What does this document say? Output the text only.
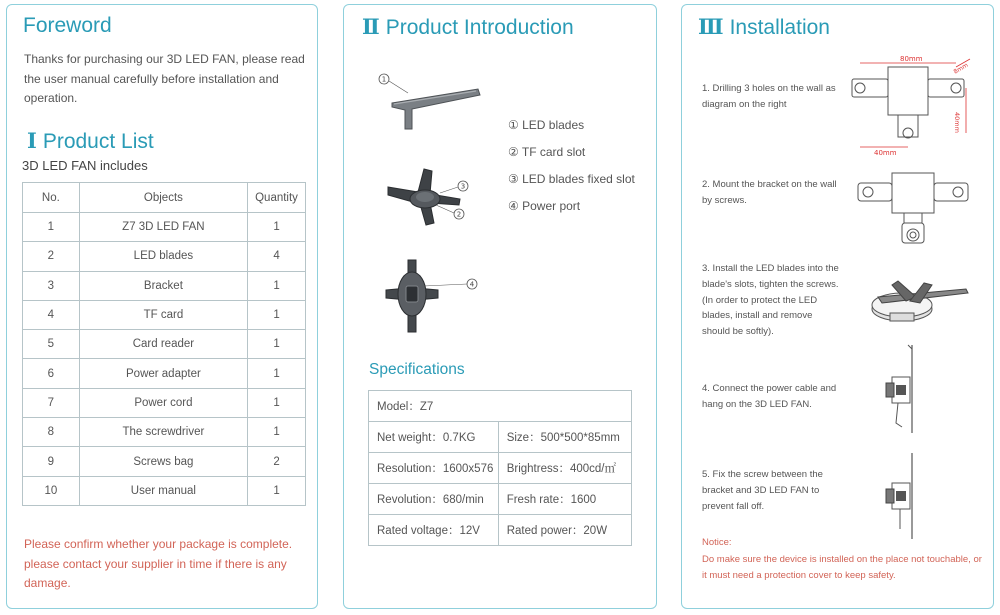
Foreword
Thanks for purchasing our 3D LED FAN, please read the user manual carefully before installation and operation.
Ⅰ Product List
3D LED FAN includes
No.	Objects	Quantity
1	Z7 3D LED FAN	1
2	LED blades	4
3	Bracket	1
4	TF card	1
5	Card reader	1
6	Power adapter	1
7	Power cord	1
8	The screwdriver	1
9	Screws bag	2
10	User manual	1
Please confirm whether your package is complete. please contact your supplier in time if there is any damage.
Ⅱ Product Introduction
1
3
2
4
① LED blades
② TF card slot
③ LED blades fixed slot
④ Power port
Specifications
Model：Z7	
Net weight：0.7KG	Size：500*500*85mm
Resolution：1600x576	Brightress：400cd/㎡
Revolution：680/min	Fresh rate：1600
Rated voltage：12V	Rated power：20W
Ⅲ Installation
1. Drilling 3 holes on the wall as diagram on the right
2. Mount the bracket on the wall by screws.
3. Install the LED blades into the blade's slots, tighten the screws.(In order to protect the LED blades, install and remove should be softly).
4. Connect the power cable and hang on the 3D LED FAN.
5. Fix the screw between the bracket and 3D LED FAN to prevent fall off.
80mm
8mm
40mm
40mm
Notice:
Do make sure the device is installed on the place not touchable, or it must need a protection cover to keep safety.
